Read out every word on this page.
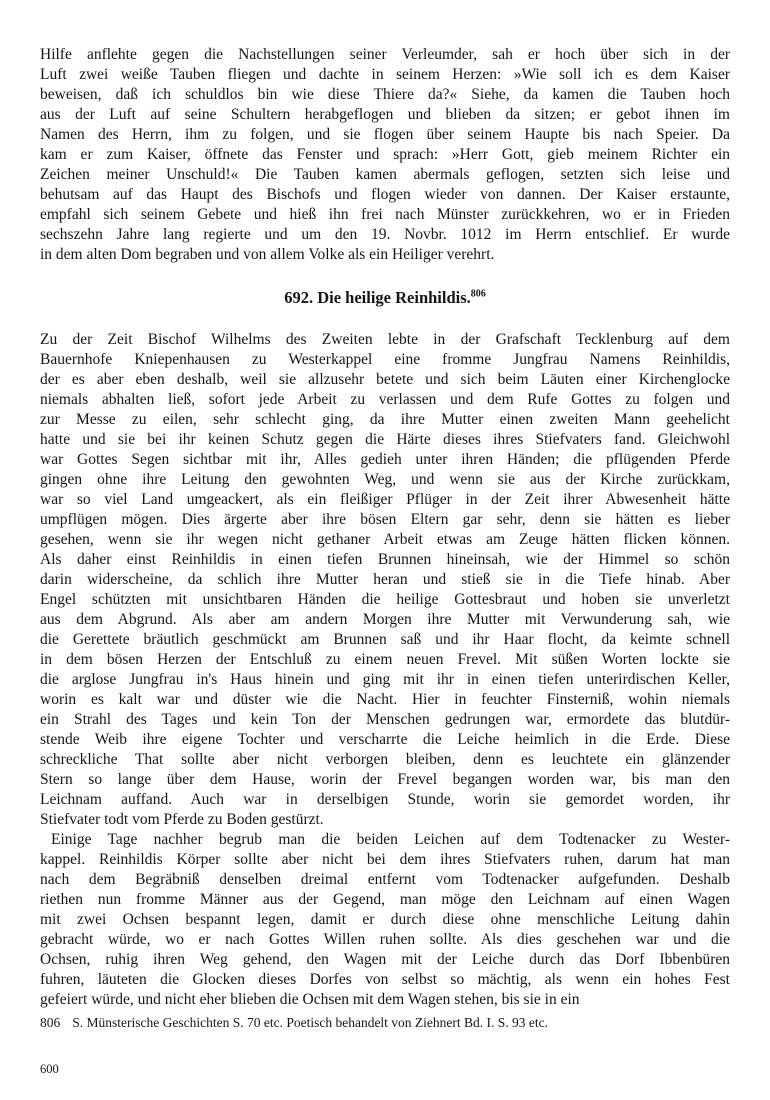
Hilfe anflehte gegen die Nachstellungen seiner Verleumder, sah er hoch über sich in der
Luft zwei weiße Tauben fliegen und dachte in seinem Herzen: »Wie soll ich es dem Kaiser
beweisen, daß ich schuldlos bin wie diese Thiere da?« Siehe, da kamen die Tauben hoch
aus der Luft auf seine Schultern herabgeflogen und blieben da sitzen; er gebot ihnen im
Namen des Herrn, ihm zu folgen, und sie flogen über seinem Haupte bis nach Speier. Da
kam er zum Kaiser, öffnete das Fenster und sprach: »Herr Gott, gieb meinem Richter ein
Zeichen meiner Unschuld!« Die Tauben kamen abermals geflogen, setzten sich leise und
behutsam auf das Haupt des Bischofs und flogen wieder von dannen. Der Kaiser erstaunte,
empfahl sich seinem Gebete und hieß ihn frei nach Münster zurückkehren, wo er in Frieden
sechszehn Jahre lang regierte und um den 19. Novbr. 1012 im Herrn entschlief. Er wurde
in dem alten Dom begraben und von allem Volke als ein Heiliger verehrt.
692. Die heilige Reinhildis.$^{806}$
Zu der Zeit Bischof Wilhelms des Zweiten lebte in der Grafschaft Tecklenburg auf dem
Bauernhofe Kniepenhausen zu Westerkappel eine fromme Jungfrau Namens Reinhildis,
der es aber eben deshalb, weil sie allzusehr betete und sich beim Läuten einer Kirchenglocke
niemals abhalten ließ, sofort jede Arbeit zu verlassen und dem Rufe Gottes zu folgen und
zur Messe zu eilen, sehr schlecht ging, da ihre Mutter einen zweiten Mann geehelicht
hatte und sie bei ihr keinen Schutz gegen die Härte dieses ihres Stiefvaters fand. Gleichwohl
war Gottes Segen sichtbar mit ihr, Alles gedieh unter ihren Händen; die pflügenden Pferde
gingen ohne ihre Leitung den gewohnten Weg, und wenn sie aus der Kirche zurückkam,
war so viel Land umgeackert, als ein fleißiger Pflüger in der Zeit ihrer Abwesenheit hätte
umpflügen mögen. Dies ärgerte aber ihre bösen Eltern gar sehr, denn sie hätten es lieber
gesehen, wenn sie ihr wegen nicht gethaner Arbeit etwas am Zeuge hätten flicken können.
Als daher einst Reinhildis in einen tiefen Brunnen hineinsah, wie der Himmel so schön
darin widerscheine, da schlich ihre Mutter heran und stieß sie in die Tiefe hinab. Aber
Engel schützten mit unsichtbaren Händen die heilige Gottesbraut und hoben sie unverletzt
aus dem Abgrund. Als aber am andern Morgen ihre Mutter mit Verwunderung sah, wie
die Gerettete bräutlich geschmückt am Brunnen saß und ihr Haar flocht, da keimte schnell
in dem bösen Herzen der Entschluß zu einem neuen Frevel. Mit süßen Worten lockte sie
die arglose Jungfrau in's Haus hinein und ging mit ihr in einen tiefen unterirdischen Keller,
worin es kalt war und düster wie die Nacht. Hier in feuchter Finsterniß, wohin niemals
ein Strahl des Tages und kein Ton der Menschen gedrungen war, ermordete das blutdür-
stende Weib ihre eigene Tochter und verscharrte die Leiche heimlich in die Erde. Diese
schreckliche That sollte aber nicht verborgen bleiben, denn es leuchtete ein glänzender
Stern so lange über dem Hause, worin der Frevel begangen worden war, bis man den
Leichnam auffand. Auch war in derselbigen Stunde, worin sie gemordet worden, ihr
Stiefvater todt vom Pferde zu Boden gestürzt.
Einige Tage nachher begrub man die beiden Leichen auf dem Todtenacker zu Wester-
kappel. Reinhildis Körper sollte aber nicht bei dem ihres Stiefvaters ruhen, darum hat man
nach dem Begräbniß denselben dreimal entfernt vom Todtenacker aufgefunden. Deshalb
riethen nun fromme Männer aus der Gegend, man möge den Leichnam auf einen Wagen
mit zwei Ochsen bespannt legen, damit er durch diese ohne menschliche Leitung dahin
gebracht würde, wo er nach Gottes Willen ruhen sollte. Als dies geschehen war und die
Ochsen, ruhig ihren Weg gehend, den Wagen mit der Leiche durch das Dorf Ibbenbüren
fuhren, läuteten die Glocken dieses Dorfes von selbst so mächtig, als wenn ein hohes Fest
gefeiert würde, und nicht eher blieben die Ochsen mit dem Wagen stehen, bis sie in ein
806 S. Münsterische Geschichten S. 70 etc. Poetisch behandelt von Ziehnert Bd. I. S. 93 etc.
600
